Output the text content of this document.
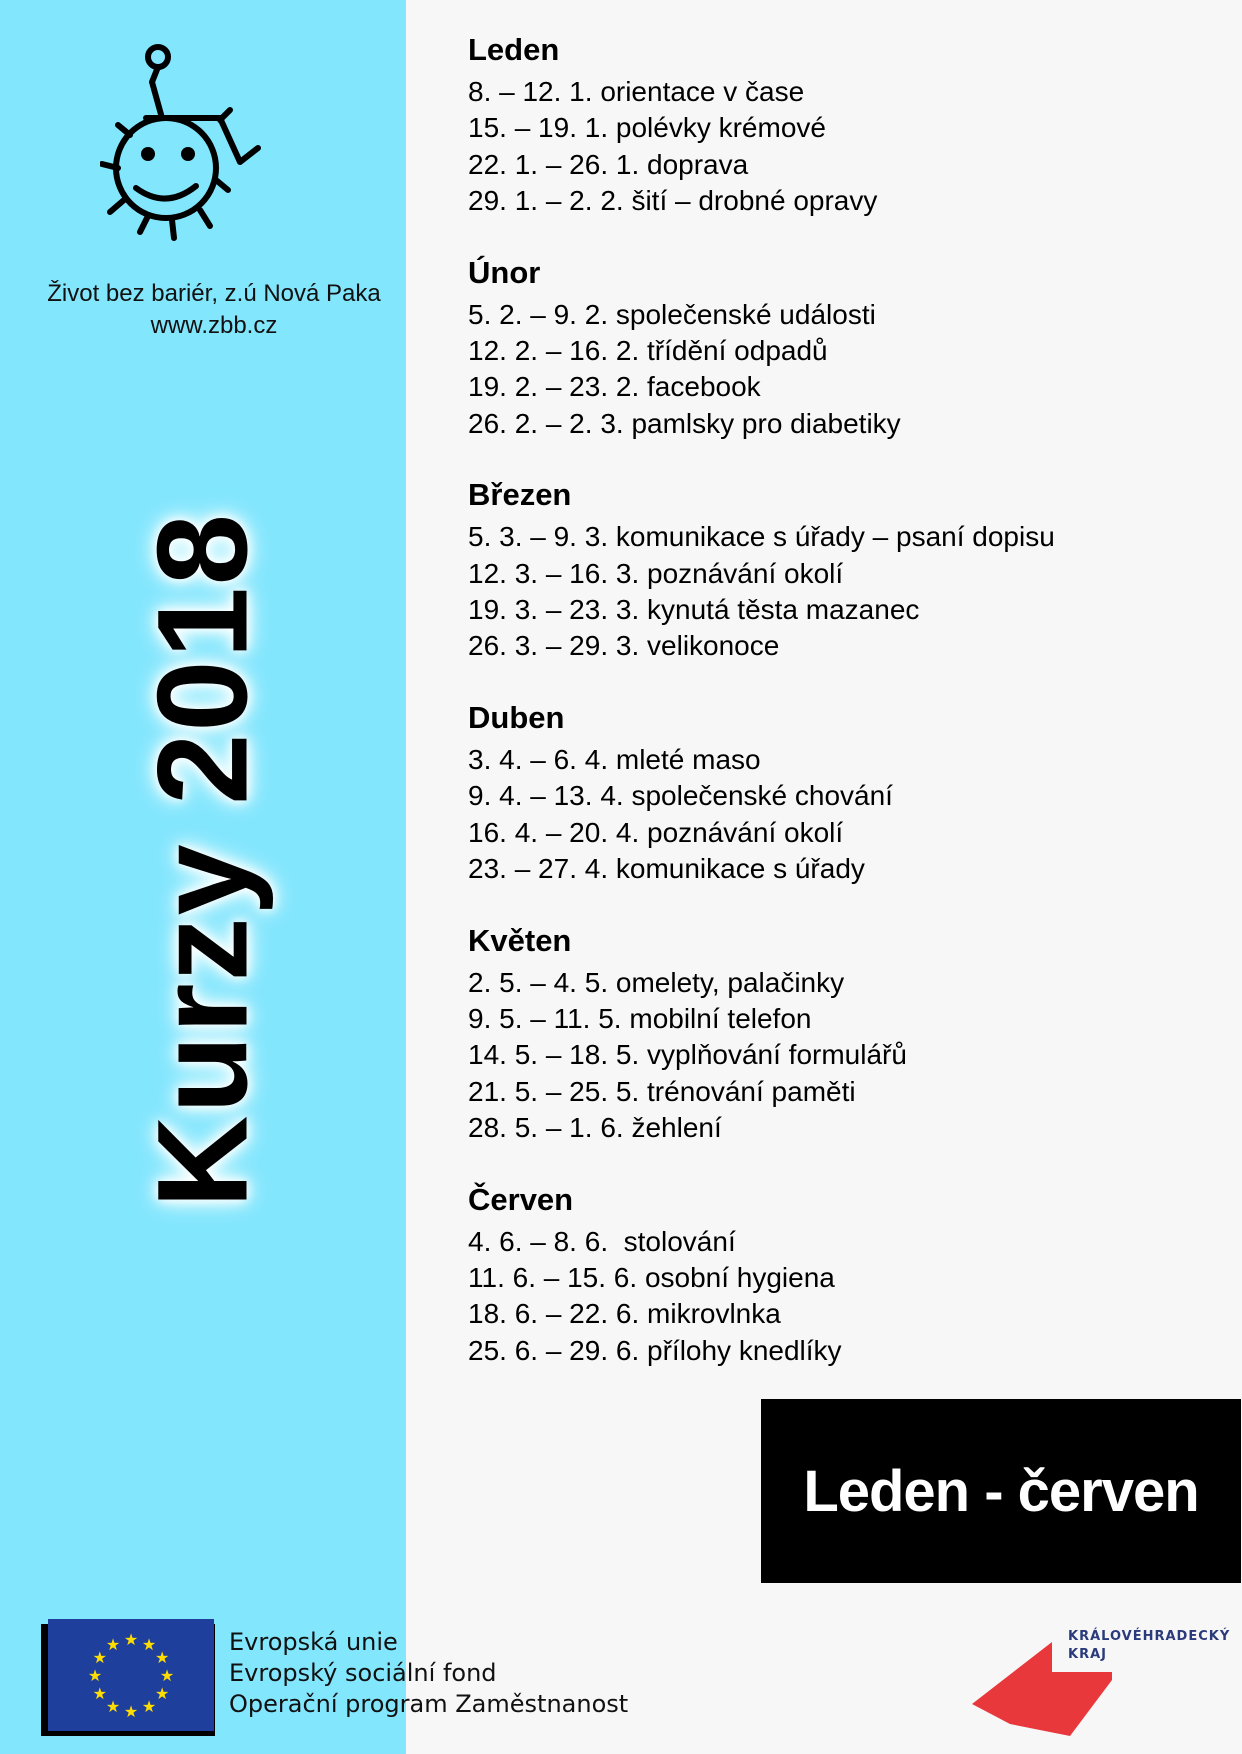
Život bez bariér, z.ú Nová Paka
www.zbb.cz
Kurzy 2018
Leden
8. – 12. 1. orientace v čase
15. – 19. 1. polévky krémové
22. 1. – 26. 1. doprava
29. 1. – 2. 2. šití – drobné opravy
Únor
5. 2. – 9. 2. společenské události
12. 2. – 16. 2. třídění odpadů
19. 2. – 23. 2. facebook
26. 2. – 2. 3. pamlsky pro diabetiky
Březen
5. 3. – 9. 3. komunikace s úřady – psaní dopisu
12. 3. – 16. 3. poznávání okolí
19. 3. – 23. 3. kynutá těsta mazanec
26. 3. – 29. 3. velikonoce
Duben
3. 4. – 6. 4. mleté maso
9. 4. – 13. 4. společenské chování
16. 4. – 20. 4. poznávání okolí
23. – 27. 4. komunikace s úřady
Květen
2. 5. – 4. 5. omelety, palačinky
9. 5. – 11. 5. mobilní telefon
14. 5. – 18. 5. vyplňování formulářů
21. 5. – 25. 5. trénování paměti
28. 5. – 1. 6. žehlení
Červen
4. 6. – 8. 6.  stolování
11. 6. – 15. 6. osobní hygiena
18. 6. – 22. 6. mikrovlnka
25. 6. – 29. 6. přílohy knedlíky
Leden - červen
★ ★
★
★
★
★
★
★
★
★
★
★	Evropská unie
Evropský sociální fond
Operační program Zaměstnanost
KRÁLOVÉHRADECKÝ
KRAJ
